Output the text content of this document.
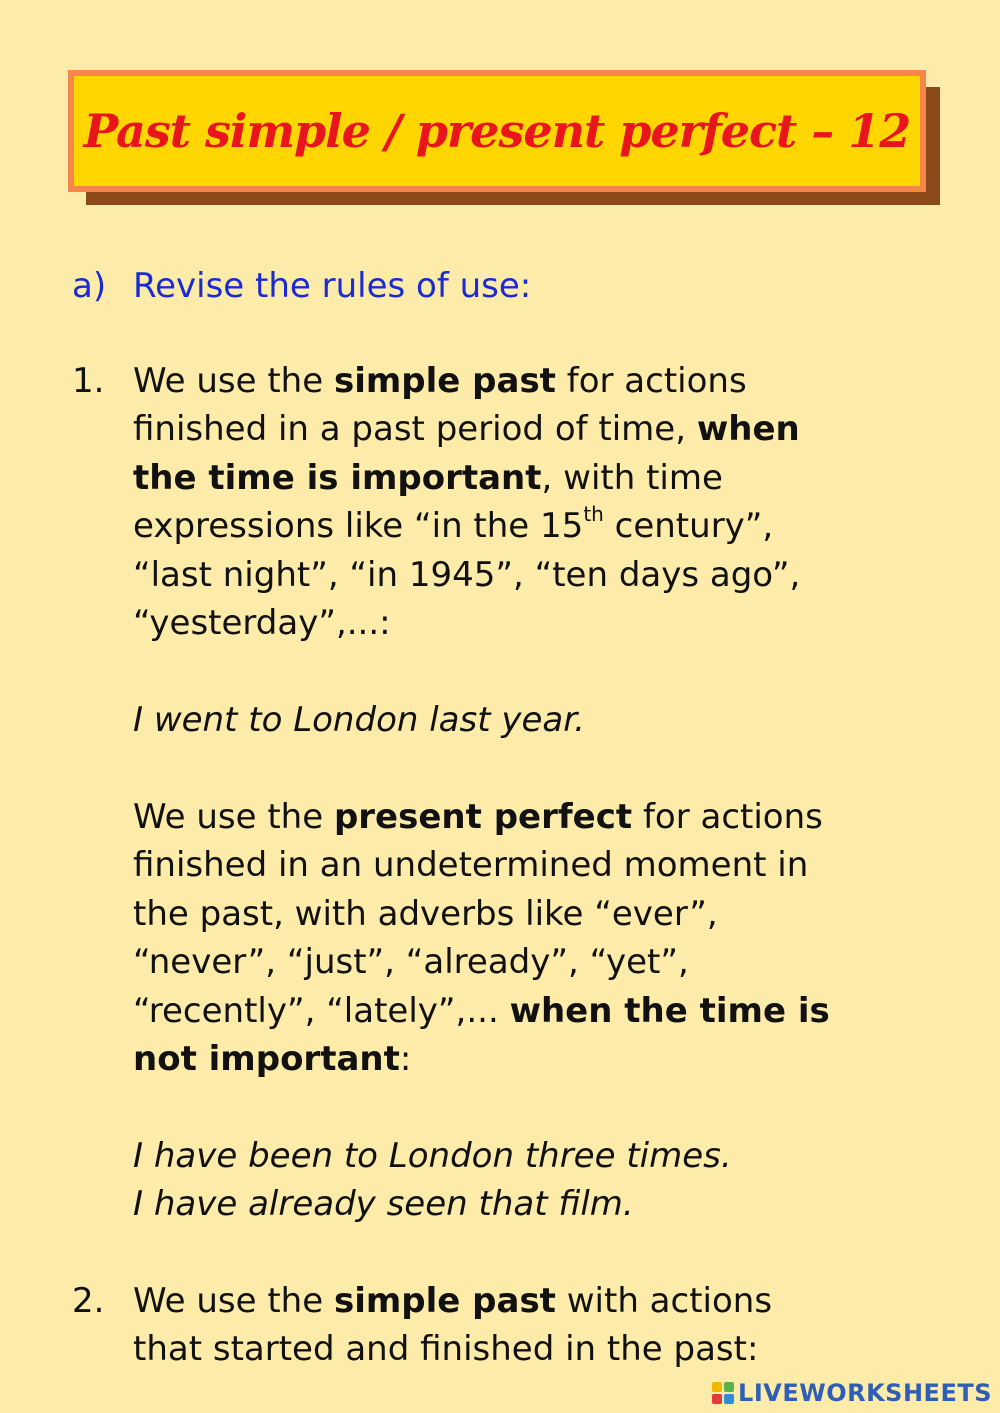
Past simple / present perfect – 12
a) Revise the rules of use:
1. We use the simple past for actions
finished in a past period of time, when
the time is important, with time
expressions like “in the 15th century”,
“last night”, “in 1945”, “ten days ago”,
“yesterday”,...:
I went to London last year.
We use the present perfect for actions
finished in an undetermined moment in
the past, with adverbs like “ever”,
“never”, “just”, “already”, “yet”,
“recently”, “lately”,... when the time is
not important:
I have been to London three times.
I have already seen that film.
2. We use the simple past with actions
that started and finished in the past:
LIVEWORKSHEETS
